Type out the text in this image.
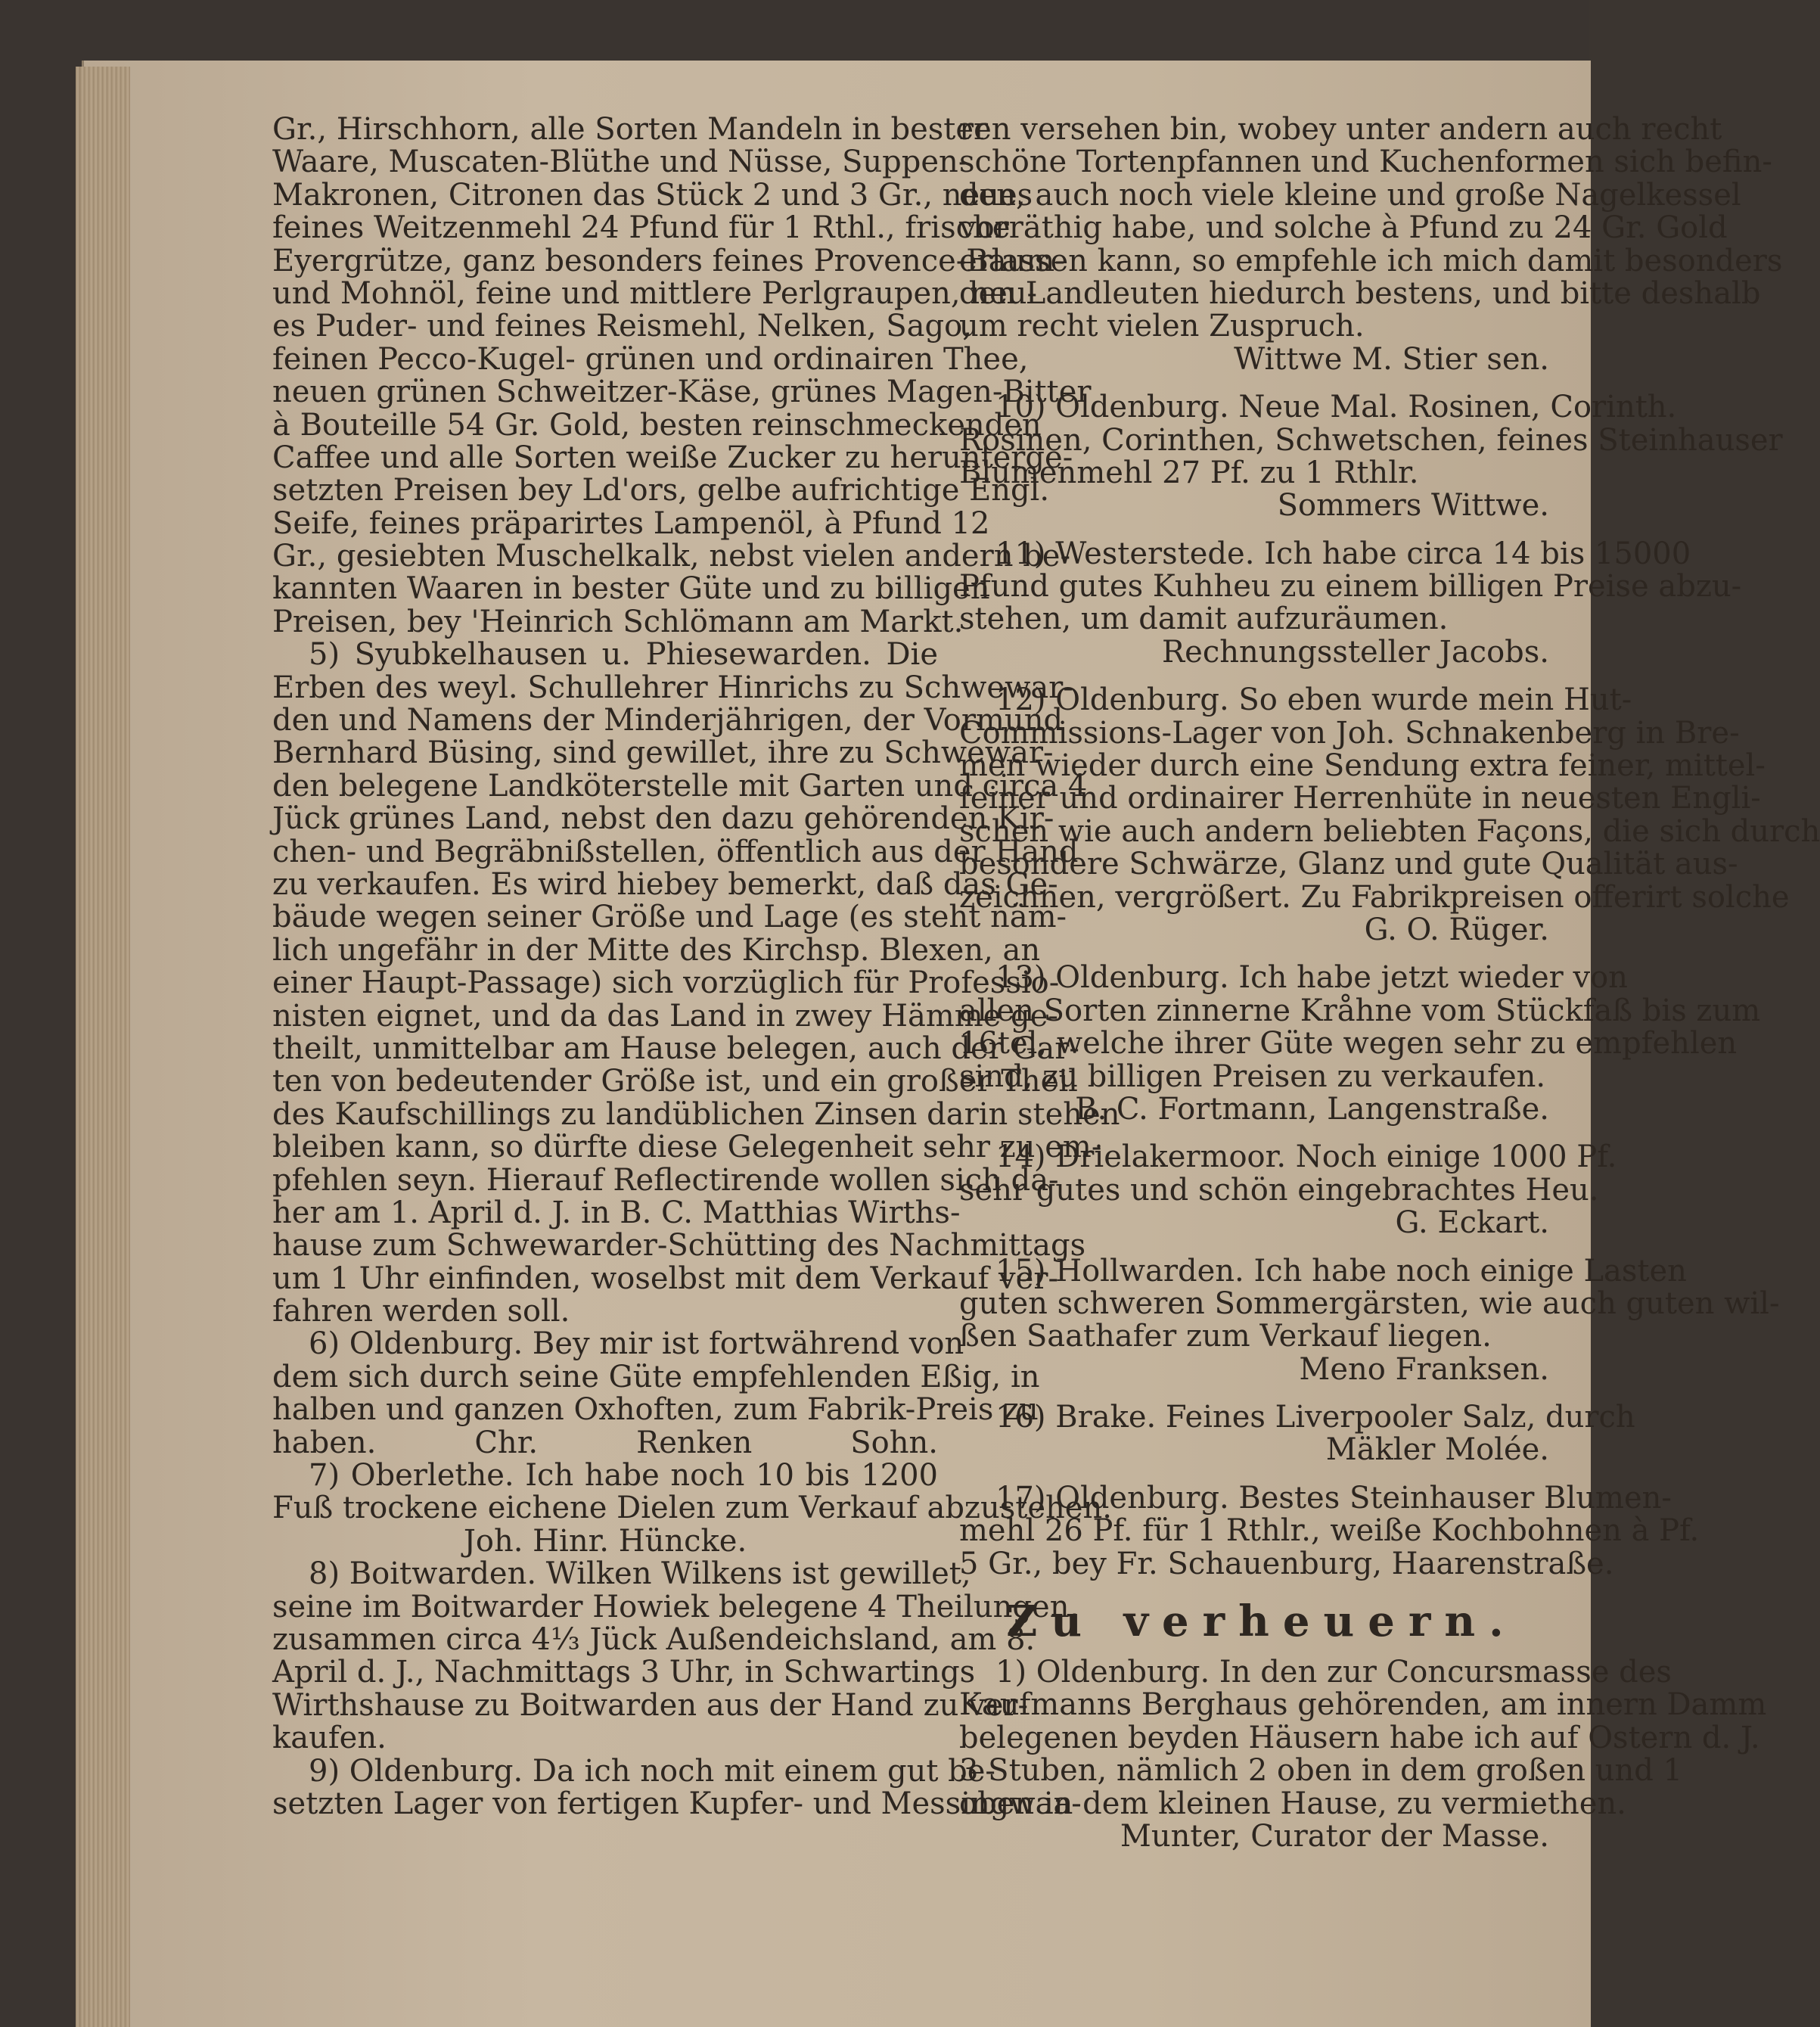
Gr., Hirschhorn, alle Sorten Mandeln in bester
Waare, Muscaten-Blüthe und Nüsse, Suppen-
Makronen, Citronen das Stück 2 und 3 Gr., neues
feines Weitzenmehl 24 Pfund für 1 Rthl., frische
Eyergrütze, ganz besonders feines Provence-Baum-
und Mohnöl, feine und mittlere Perlgraupen, neu-
es Puder- und feines Reismehl, Nelken, Sago,
feinen Pecco-Kugel- grünen und ordinairen Thee,
neuen grünen Schweitzer-Käse, grünes Magen-Bitter
à Bouteille 54 Gr. Gold, besten reinschmeckenden
Caffee und alle Sorten weiße Zucker zu herunterge-
setzten Preisen bey Ld'ors, gelbe aufrichtige Engl.
Seife, feines präparirtes Lampenöl, à Pfund 12
Gr., gesiebten Muschelkalk, nebst vielen andern be-
kannten Waaren in bester Güte und zu billigen
Preisen, bey 'Heinrich Schlömann am Markt.
5) Syubkelhausen u. Phiesewarden. Die
Erben des weyl. Schullehrer Hinrichs zu Schwewar-
den und Namens der Minderjährigen, der Vormund
Bernhard Büsing, sind gewillet, ihre zu Schwewar-
den belegene Landköterstelle mit Garten und circa 4
Jück grünes Land, nebst den dazu gehörenden Kir-
chen- und Begräbnißstellen, öffentlich aus der Hand
zu verkaufen. Es wird hiebey bemerkt, daß das Ge-
bäude wegen seiner Größe und Lage (es steht näm-
lich ungefähr in der Mitte des Kirchsp. Blexen, an
einer Haupt-Passage) sich vorzüglich für Professio-
nisten eignet, und da das Land in zwey Hämme ge-
theilt, unmittelbar am Hause belegen, auch der Gar-
ten von bedeutender Größe ist, und ein großer Theil
des Kaufschillings zu landüblichen Zinsen darin stehen
bleiben kann, so dürfte diese Gelegenheit sehr zu em-
pfehlen seyn. Hierauf Reflectirende wollen sich da-
her am 1. April d. J. in B. C. Matthias Wirths-
hause zum Schwewarder-Schütting des Nachmittags
um 1 Uhr einfinden, woselbst mit dem Verkauf ver-
fahren werden soll.
6) Oldenburg. Bey mir ist fortwährend von
dem sich durch seine Güte empfehlenden Eßig, in
halben und ganzen Oxhoften, zum Fabrik-Preis zu
haben. Chr. Renken Sohn.
7) Oberlethe. Ich habe noch 10 bis 1200
Fuß trockene eichene Dielen zum Verkauf abzustehen.
Joh. Hinr. Hüncke.
8) Boitwarden. Wilken Wilkens ist gewillet,
seine im Boitwarder Howiek belegene 4 Theilungen,
zusammen circa 4⅓ Jück Außendeichsland, am 8.
April d. J., Nachmittags 3 Uhr, in Schwartings
Wirthshause zu Boitwarden aus der Hand zu ver-
kaufen.
9) Oldenburg. Da ich noch mit einem gut be-
setzten Lager von fertigen Kupfer- und Messingwaa-
ren versehen bin, wobey unter andern auch recht
schöne Tortenpfannen und Kuchenformen sich befin-
den, auch noch viele kleine und große Nagelkessel
vorräthig habe, und solche à Pfund zu 24 Gr. Gold
erlassen kann, so empfehle ich mich damit besonders
den Landleuten hiedurch bestens, und bitte deshalb
um recht vielen Zuspruch.
Wittwe M. Stier sen.
10) Oldenburg. Neue Mal. Rosinen, Corinth.
Rosinen, Corinthen, Schwetschen, feines Steinhauser
Blumenmehl 27 Pf. zu 1 Rthlr.
Sommers Wittwe.
11) Westerstede. Ich habe circa 14 bis 15000
Pfund gutes Kuhheu zu einem billigen Preise abzu-
stehen, um damit aufzuräumen.
Rechnungssteller Jacobs.
12) Oldenburg. So eben wurde mein Hut-
Commissions-Lager von Joh. Schnakenberg in Bre-
men wieder durch eine Sendung extra feiner, mittel-
feiner und ordinairer Herrenhüte in neuesten Engli-
schen wie auch andern beliebten Façons, die sich durch
besondere Schwärze, Glanz und gute Qualität aus-
zeichnen, vergrößert. Zu Fabrikpreisen offerirt solche
G. O. Rüger.
13) Oldenburg. Ich habe jetzt wieder von
allen Sorten zinnerne Kråhne vom Stückfaß bis zum
16tel, welche ihrer Güte wegen sehr zu empfehlen
sind, zu billigen Preisen zu verkaufen.
B. C. Fortmann, Langenstraße.
14) Drielakermoor. Noch einige 1000 Pf.
sehr gutes und schön eingebrachtes Heu.
G. Eckart.
15) Hollwarden. Ich habe noch einige Lasten
guten schweren Sommergärsten, wie auch guten wil-
ßen Saathafer zum Verkauf liegen.
Meno Franksen.
16) Brake. Feines Liverpooler Salz, durch
Mäkler Molée.
17) Oldenburg. Bestes Steinhauser Blumen-
mehl 26 Pf. für 1 Rthlr., weiße Kochbohnen à Pf.
5 Gr., bey Fr. Schauenburg, Haarenstraße.
Zu verheuern.
1) Oldenburg. In den zur Concursmasse des
Kaufmanns Berghaus gehörenden, am innern Damm
belegenen beyden Häusern habe ich auf Ostern d. J.
3 Stuben, nämlich 2 oben in dem großen und 1
oben in dem kleinen Hause, zu vermiethen.
Munter, Curator der Masse.
